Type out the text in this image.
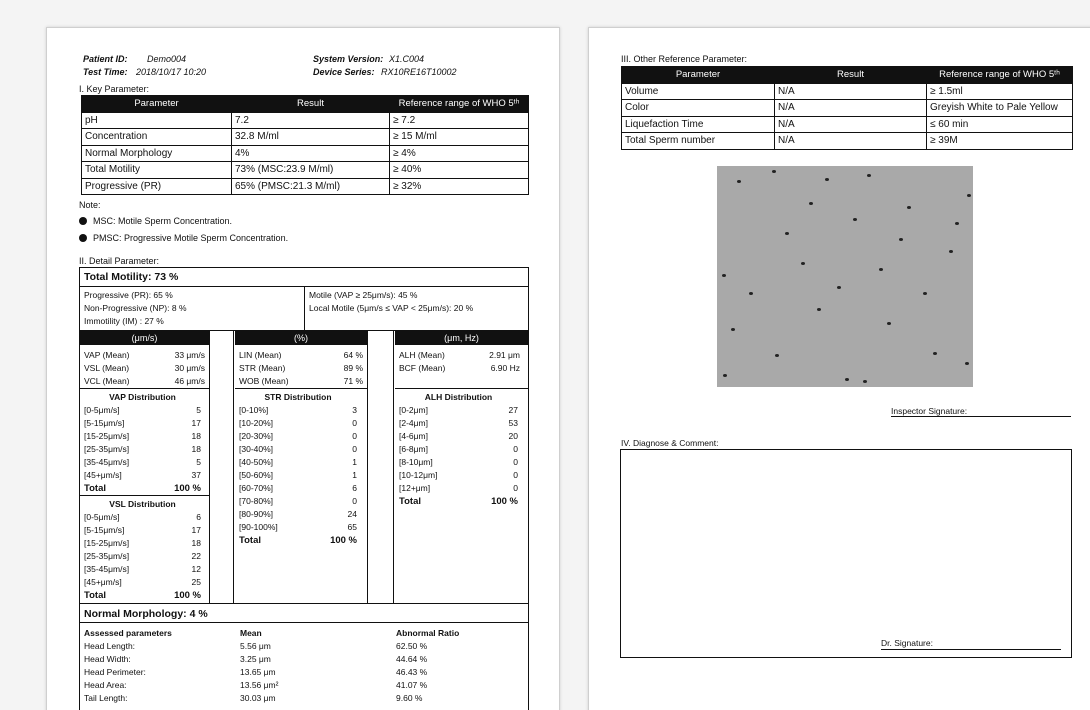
Patient ID: Demo004
Test Time: 2018/10/17 10:20
System Version: X1.C004
Device Series: RX10RE16T10002
I. Key Parameter:
Parameter	Result	Reference range of WHO 5ᵗʰ
pH	7.2	≥ 7.2
Concentration	32.8 M/ml	≥ 15 M/ml
Normal Morphology	4%	≥ 4%
Total Motility	73% (MSC:23.9 M/ml)	≥ 40%
Progressive (PR)	65% (PMSC:21.3 M/ml)	≥ 32%
Note:
MSC: Motile Sperm Concentration.
PMSC: Progressive Motile Sperm Concentration.
II. Detail Parameter:
Total Motility: 73 %
Progressive (PR): 65 %
Non-Progressive (NP): 8 %
Immotility (IM) : 27 %
Motile (VAP ≥ 25μm/s): 45 %
Local Motile (5μm/s ≤ VAP < 25μm/s): 20 %
(μm/s)
VAP (Mean)	33 μm/s
VSL (Mean)	30 μm/s
VCL (Mean)	46 μm/s
VAP Distribution
[0-5μm/s]	5
[5-15μm/s]	17
[15-25μm/s]	18
[25-35μm/s]	18
[35-45μm/s]	5
[45+μm/s]	37
Total	100 %
VSL Distribution
[0-5μm/s]	6
[5-15μm/s]	17
[15-25μm/s]	18
[25-35μm/s]	22
[35-45μm/s]	12
[45+μm/s]	25
Total	100 %
(%)
LIN (Mean)	64 %
STR (Mean)	89 %
WOB (Mean)	71 %
STR Distribution
[0-10%]	3
[10-20%]	0
[20-30%]	0
[30-40%]	0
[40-50%]	1
[50-60%]	1
[60-70%]	6
[70-80%]	0
[80-90%]	24
[90-100%]	65
Total	100 %
(μm, Hz)
ALH (Mean)	2.91 μm
BCF (Mean)	6.90 Hz
ALH Distribution
[0-2μm]	27
[2-4μm]	53
[4-6μm]	20
[6-8μm]	0
[8-10μm]	0
[10-12μm]	0
[12+μm]	0
Total	100 %
Normal Morphology: 4 %
Assessed parameters	Mean	Abnormal Ratio
Head Length:	5.56 μm	62.50 %
Head Width:	3.25 μm	44.64 %
Head Perimeter:	13.65 μm	46.43 %
Head Area:	13.56 μm²	41.07 %
Tail Length:	30.03 μm	9.60 %
III. Other Reference Parameter:
Parameter	Result	Reference range of WHO 5ᵗʰ
Volume	N/A	≥ 1.5ml
Color	N/A	Greyish White to Pale Yellow
Liquefaction Time	N/A	≤ 60 min
Total Sperm number	N/A	≥ 39M
Inspector Signature:
IV. Diagnose & Comment:
Dr. Signature:
